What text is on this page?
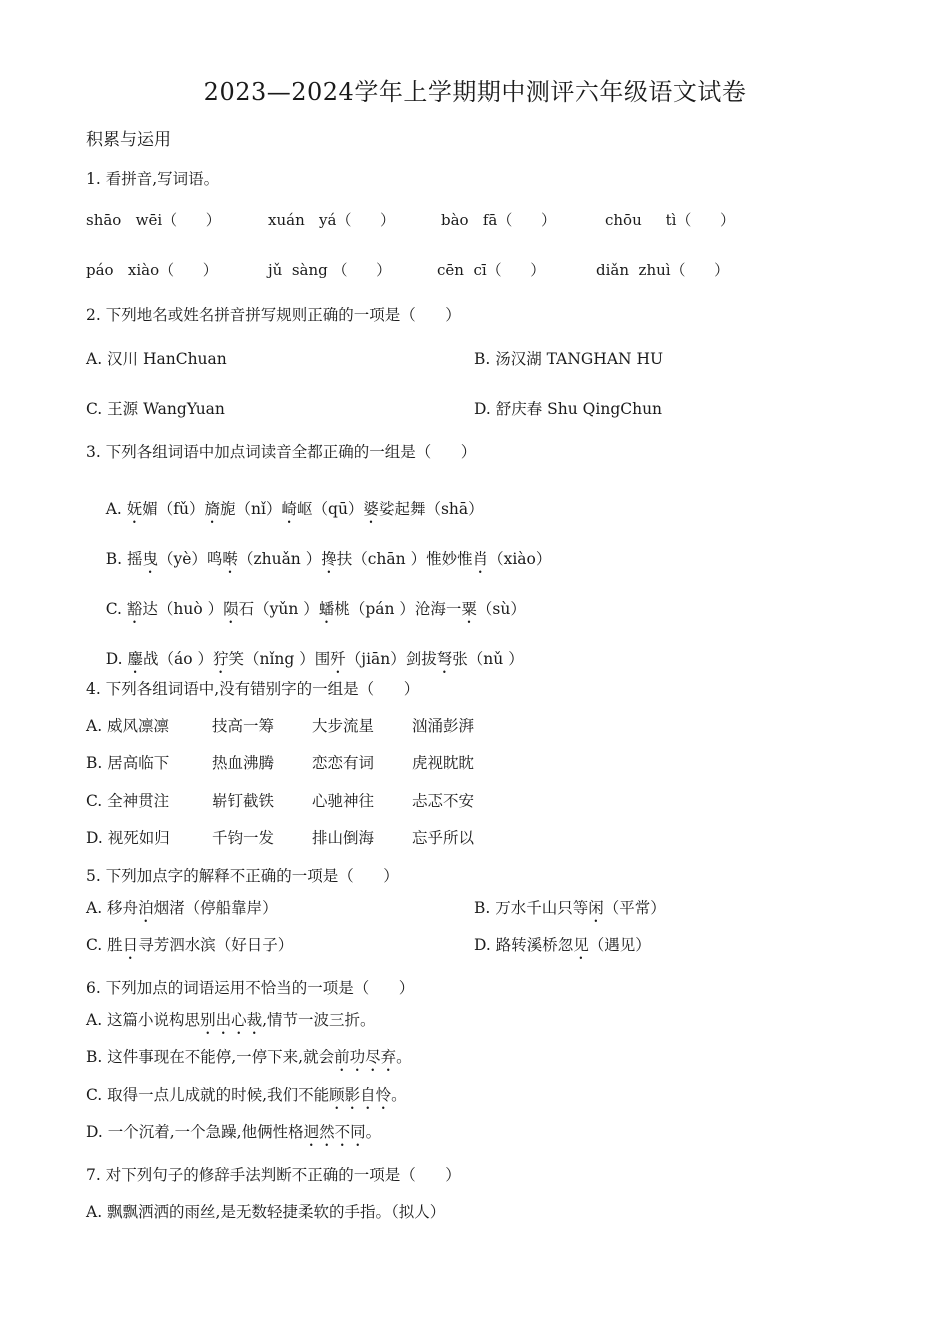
2023—2024学年上学期期中测评六年级语文试卷
积累与运用
1. 看拼音,写词语。
shāo   wēi（      ）	xuán   yá（      ）	bào   fā（      ）	chōu     tì（      ）
páo   xiào（      ）	jǔ  sàng （      ）	cēn  cī（      ）	diǎn  zhuì（      ）
2. 下列地名或姓名拼音拼写规则正确的一项是（      ）
A. 汉川 HanChuan	B. 汤汉湖 TANGHAN HU
C. 王源 WangYuan	D. 舒庆春 Shu QingChun
3. 下列各组词语中加点词读音全都正确的一组是（      ）

A. 妩媚（fǔ）旖旎（nǐ）崎岖（qū）婆娑起舞（shā）

B. 摇曳（yè）鸣啭（zhuǎn ）搀扶（chān ）惟妙惟肖（xiào）

C. 豁达（huò ）陨石（yǔn ）蟠桃（pán ）沧海一粟（sù）

D. 鏖战（áo ）狞笑（nǐng ）围歼（jiān）剑拔弩张（nǔ ）

4. 下列各组词语中,没有错别字的一组是（      ）
A. 威风凛凛	技高一筹 大步流星 汹涌彭湃
B. 居高临下	热血沸腾 恋恋有词 虎视眈眈
C. 全神贯注	崭钉截铁 心驰神往 忐忑不安
D. 视死如归	千钧一发 排山倒海 忘乎所以
5. 下列加点字的解释不正确的一项是（      ）
A. 移舟泊烟渚（停船靠岸）	B. 万水千山只等闲（平常）
C. 胜日寻芳泗水滨（好日子）	D. 路转溪桥忽见（遇见）
6. 下列加点的词语运用不恰当的一项是（      ）
A. 这篇小说构思别出心裁,情节一波三折。
B. 这件事现在不能停,一停下来,就会前功尽弃。
C. 取得一点儿成就的时候,我们不能顾影自怜。
D. 一个沉着,一个急躁,他俩性格迥然不同。
7. 对下列句子的修辞手法判断不正确的一项是（      ）
A. 飘飘洒洒的雨丝,是无数轻捷柔软的手指。（拟人）
